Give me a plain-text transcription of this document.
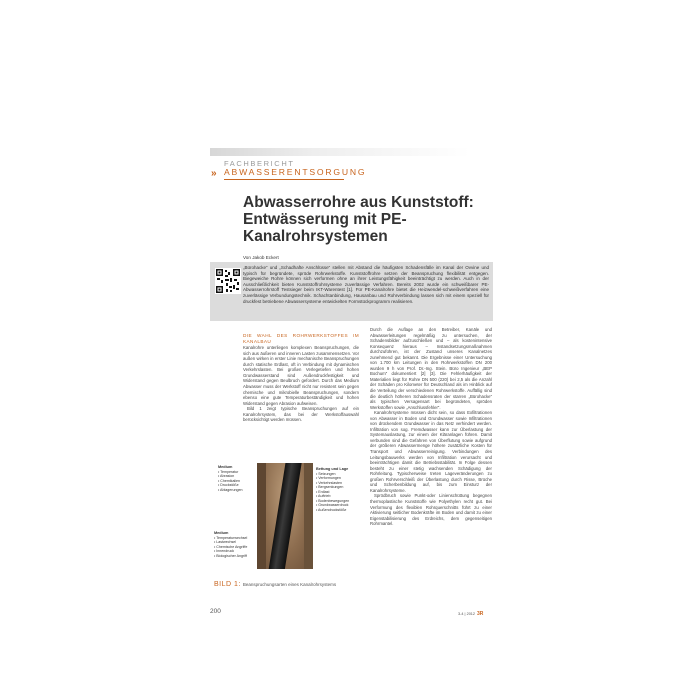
FACHBERICHT
» ABWASSERENTSORGUNG
Abwasserrohre aus Kunststoff: Entwässerung mit PE-Kanalrohrsystemen
Von Jakob Eckert
„Bürohacke“ und „Schadhafte Anschlüsse“ stellen mit Abstand die häufigsten Schadensfälle im Kanal der Ovvine und typisch für begründete, spröde Rohrwerkstoffe. Kunststoffrohre setzen der Beanspruchung flexibilität entgegen. Biegeweiche Rohre können sich verformen ohne an ihrer Leistungsfähigkeit beeinträchtigt zu werden. Auch in der Ausschließlichkeit bieten Kunststoffrohrsysteme zuverlässige Verfahren. Bereits 2002 wurde ein schweißbarer PE-Abwasserrohrstoff Testsieger beim IKT-Warentest [1]. Für PE-Kanalrohre bietet die Heizwendel-schweißverfahren eine zuverlässige Verbundungstechnik. Schachtanbindung, Hausanbau und Rohrverbindung lassen sich mit einem speziell für druckfest betriebene Abwassersysteme entwickelten Formstückprogramm realisieren.
DIE WAHL DES ROHRWERKSTOFFES IM KANALBAU

Kanalrohre unterliegen komplexen Beanspruchungen, die sich aus äußeren und inneren Lasten zusammensetzen. Vor außen wirken in erster Linie mechanische Beanspruchungen durch statische Erdlast, oft in Verbindung mit dynamischen Verkehrslasten. Bei großen Verlegetiefen und hohen Grundwasserstand sind Außendruckfestigkeit und Widerstand gegen Beulbruch gefordert. Durch das Medium Abwasser muss der Werkstoff nicht nur resistent sein gegen chemische und mikrobielle Beanspruchungen, sondern ebenso eine gute Temperaturbeständigkeit und hohen Widerstand gegen Abrasion aufweisen.

Bild 1 zeigt typische Beanspruchungen auf ein Kanalrohrsystem, das bei der Werkstoffauswahl berücksichtigt werden müssen.

Durch die Auflage an den Betreiber, Kanäle und Abwasserleitungen regelmäßig zu untersuchen, der Schadensbilder aufzuschließen und – als kostenintensive Konsequenz hieraus – Instandsetzungsmaßnahmen durchzuführen, ist der Zustand unseres Kanalnetzes zunehmend gut bekannt. Die Ergebnisse einer Untersuchung von 1.700 km Leitungen in den Rohrwerkstoffen DN 200 wurden 9 h von Prof. Dr.-Ing. Stein. Büro Ingenieur „BEP Bochum“ dokumentiert [2] [3]. Die Fehlerhäufigkeit der Materialien liegt für Rohre DN 500 (220) bei 2,5 als die Anzahl der Schäden pro Kilometer für Deutschland als im Hinblick auf die Verteilung der verschiedenen Rohrwerkstoffe. Auffällig sind die deutlich höheren Schadensraten der starren „Bürohacke“ als typischen Versagensart bei begründeten, spröden Werkstoffen sowie „Anschlussfehler“.

Kanalrohrsysteme müssen dicht sein, so dass Exfiltrationen von Abwasser in Boden und Grundwasser sowie Infiltrationen von drückendem Grundwasser in das Netz verhindert werden. Infiltration von sog. Fremdwasser kann zur Überlastung der Systemauslastung, zur einem der Kläranlagen führen. Damit verbunden sind die Gefahren von Überflutung sowie aufgrund der größeren Abwassermenge höhere zusätzliche Kosten für Transport und Abwasserreinigung. Verbindungen des Leitungsbauwerks werden von Infiltration verursacht und beeinträchtigen damit die Betriebsstabilität. In Folge dessen besteht zu einer stetig wachsenden Schädigung der Rohrleitung. Typischerweise treten Lageveränderungen zu großen Rohrverschleiß der Überlastung durch Risse, Brüche und Scherbenbildung auf, bis zum Einsturz der Kanalrohrsysteme.

Sprödbruch sowie Punkt-oder Linienschüttung begegnen thermoplastische Kunststoffe wie Polyethylen recht gut. Bei Verformung des flexiblen Rohrquerschnitts führt zu einer Aktivierung seitlicher Bodenkräfte im Boden und damit zu einer Eigenstabilisierung des Erdreichs, dem gegenseitigen Rohrmantel.

Medium
• Temperatur
• Abrasion
• Chemikalien
• Druckstöße
• Ablagerungen
Medium
• Temperaturwechsel
• Lastwechsel
• Chemische Angriffe
• Innendruck
• Biologischer Angriff
Bettung und Lage
• Setzungen
• Verformungen
• Verkehrslasten
• Bergsenkungen
• Erdlast
• Auftrieb
• Bodenbewegungen
• Grundwasserdruck
• Außendruckstöße
BILD 1: Beanspruchungsarten eines Kanalrohrsystems
200	3-4 | 2012 3R
